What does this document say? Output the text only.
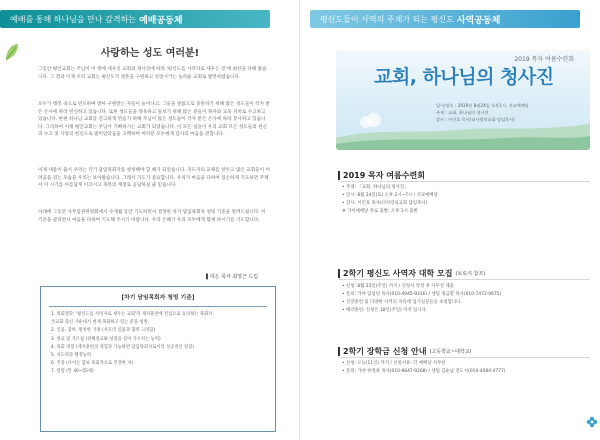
예배를 통해 하나님을 만나 감격하는 예배공동체
사랑하는 성도 여러분!
그동안 평안교회는 주님이 이 땅에 세우신 교회의 정사진에 따라 '평신도를 사역자로 세우는 것'에 최선을 다해 왔습니다. 그 결과 이제 우리 교회는 평신도가 영혼을 구원하고 성장시키는 놀라운 교회로 발전하였습니다.
모두가 행복 속으로 빈도하며 받아 구원받는 자들이 늘어나고, 그들을 말씀으로 충만하기 위해 많은 성도들이 각자 받은 은사에 따라 헌신하고 있습니다. 또한 성도들을 양육하고 돌보기 위해 많은 분들이 목자와 교육 자치로 수고하고 있습니다. 한편 하나님 교회를 견고하게 만들기 위해 주님이 많은 성도들이 각자 받은 은사에 따라 봉사하고 있습니다. 그리하여 이제 평안교회는 주님이 기뻐하시는 교회가 되었습니다. 이 모든 일들이 우리 교회 모든 성도들의 헌신과 수고 및 사랑의 헌신으로 말미암았음을 고백하며 여러분 모두에게 감사의 마음을 전합니다.
이제 새롭이 출시 우리는 각기 담임목회자를 청빙해야 할 때가 되었습니다. 지도자의 교체를 앞두고 많은 교회들이 어려움을 겪는 모습을 우리는 보아왔습니다. 그래서 기도가 중요합니다. 우리가 마음을 다하여 겸손하게 기도하면 주께서 이 시기를 아름답게 이끄시고 축복의 계절로 응답하실 줄 믿습니다.
아래에 그동안 사무임관위원회에서 수개월 동안 기도하면서 결정한 차기 담임목회자 청빙 기준을 알려드립니다. 이 기준을 살피면서 마음을 다하여 기도해 주시기 바랍니다. 우리 은혜가 우리 모두에게 함께 하시기를 기도합니다.
▌대은 목자 최영근 드림
[차기 담임목회자 청빙 기준]
1. 목회철학: '평신도를 사역자로 세우는 교회'의 제자훈련에 전심으로 동의하는 목회자.
본교회 출신 가운데서 현재 목회하고 있는 분을 청빙.
2. 인품, 겸허, 원칙한 가정 (사모의 인품과 협력 고려함)
3. 설교 및 가르침 (강해설교와 성경을 깊이 가르치는 능력)
4. 목회 경험 (제자훈련의 경험과 가능하면 담임목회자로서의 성공적인 경험)
5. 지도력과 행정능력
6. 건강 (나이든 합류 목회적으로 건강한 자)
7. 연령 (만 40~55세)
평신도들이 사역의 주체가 되는 평신도 사역공동체
2019 목자 여름수련회
교회, 하나님의 청사진
일시/장소 : 2019년 8월24일 오후1시, 선교예배당
주제 : 교회, 하나님의 청사진
강사 : 이인호 목사(더사랑의교회 담임목사)
2019 목자 여름수련회
• 주제: 「교회, 하나님의 청사진」
• 일시: 8월 24일(토) 오후 2시~7시 / 선교예배당
• 강사: 이인호 목사(더사랑의교회 담임목사)
※ 가이에배당 자로 출발: 오후 1시 출발
2학기 평신도 사역자 대학 모집 (보로셔 참조)
• 신청: 8월 25일(주일) 까지 / 신청서 작성 후 사무실 제출
• 문의: 가야 담임된 목사(010-4945-9316) / 센텀 정금환 목사(010-7472-0675)
• 신앙훈련 및 다양한 사역의 자리에 섬기실분들을 초청합니다.
• 예약훈련: 신청은 18일(주일) 까지 입니다.
2학기 장학금 신청 안내 (고등학교~대학교)
• 신청: 오늘(11일) 까지 / 신청서류: 각 예배당 사무실
• 문의: 가야 한정훈 목사(010-9647-9208) / 센텀 김순남 전도사(010-4084-4777)
